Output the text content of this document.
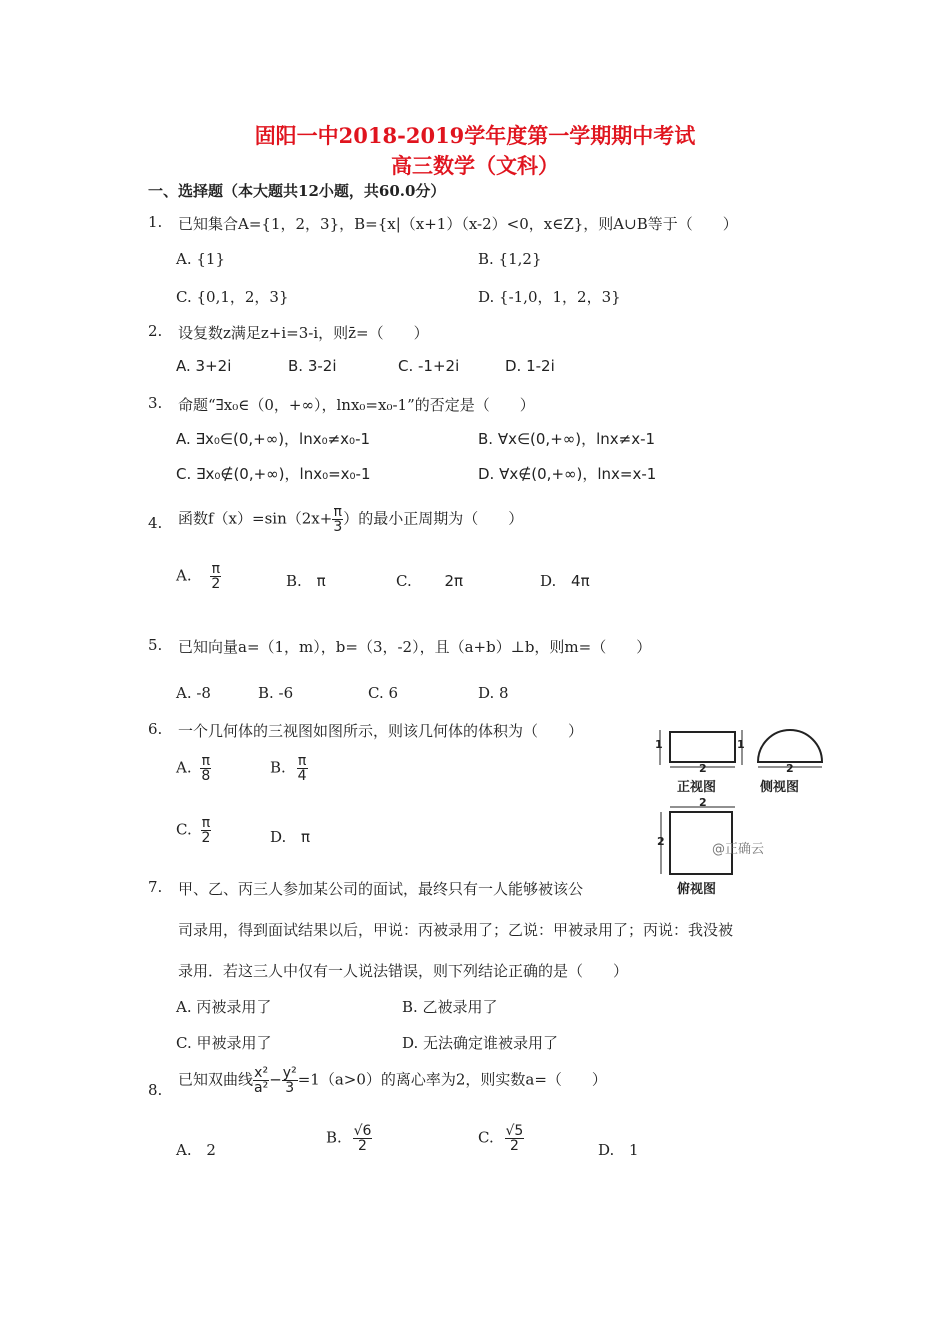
固阳一中2018-2019学年度第一学期期中考试
高三数学（文科）
一、选择题（本大题共12小题，共60.0分）
1. 已知集合A={1，2，3}，B={x|（x+1）（x-2）<0，x∈Z}，则A∪B等于（　　）
A. {1}	B. {1,2}
C. {0,1，2，3}	D. {-1,0，1，2，3}
2. 设复数z满足z+i=3-i，则z̄=（　　）
A. 3+2i	B. 3-2i	C. -1+2i	D. 1-2i
3. 命题“∃x₀∈（0，+∞），lnx₀=x₀-1”的否定是（　　）
A. ∃x₀∈(0,+∞)，lnx₀≠x₀-1	B. ∀x∈(0,+∞)，lnx≠x-1
C. ∃x₀∉(0,+∞)，lnx₀=x₀-1	D. ∀x∉(0,+∞)，lnx=x-1
4. 函数$f(x)=\sin(2x+ \frac{\pi}{3}$ ）的最小正周期为（　　）
A. $\frac{\pi}{2}$	B. π	C. 2π	D. 4π
5. 已知向量a=（1，m），b=（3，-2），且（a+b）⊥b，则m=（　　）
A. -8	B. -6	C. 6	D. 8
6. 一个几何体的三视图如图所示，则该几何体的体积为（　　）
A. $\frac{\pi}{8}$	B. $\frac{\pi}{4}$
C. $\frac{\pi}{2}$	D. π
1	1
2	2
正视图	侧视图
2
2
@正确云
俯视图
7. 甲、乙、丙三人参加某公司的面试，最终只有一人能够被该公
司录用，得到面试结果以后，甲说：丙被录用了；乙说：甲被录用了；丙说：我没被
录用．若这三人中仅有一人说法错误，则下列结论正确的是（　　）
A. 丙被录用了	B. 乙被录用了
C. 甲被录用了	D. 无法确定谁被录用了
8.
已知双曲线 $\frac{\text{x²}}{\text{a²}} - \frac{\text{y²}}{3} =1(a>0)$的离心率为2，则实数a=（　　）
A. 2
B. $\frac{√6}{2}$	C. $\frac{√5}{2}$	D. 1
